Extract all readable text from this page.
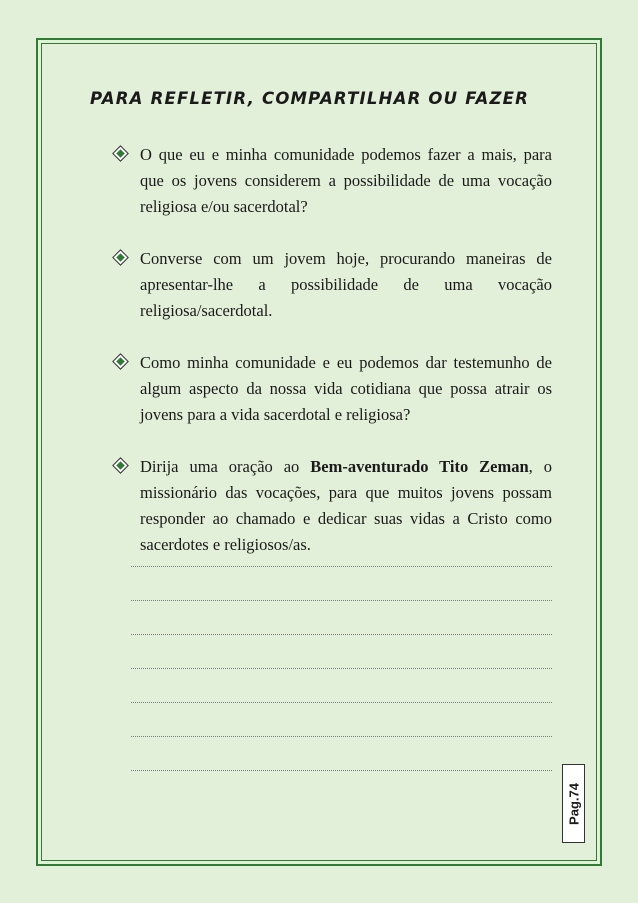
PARA REFLETIR, COMPARTILHAR OU FAZER
O que eu e minha comunidade podemos fazer a mais, para que os jovens considerem a possibilidade de uma vocação religiosa e/ou sacerdotal?
Converse com um jovem hoje, procurando maneiras de apresentar-lhe a possibilidade de uma vocação religiosa/sacerdotal.
Como minha comunidade e eu podemos dar testemunho de algum aspecto da nossa vida cotidiana que possa atrair os jovens para a vida sacerdotal e religiosa?
Dirija uma oração ao Bem-aventurado Tito Zeman, o missionário das vocações, para que muitos jovens possam responder ao chamado e dedicar suas vidas a Cristo como sacerdotes e religiosos/as.
Pag.74
